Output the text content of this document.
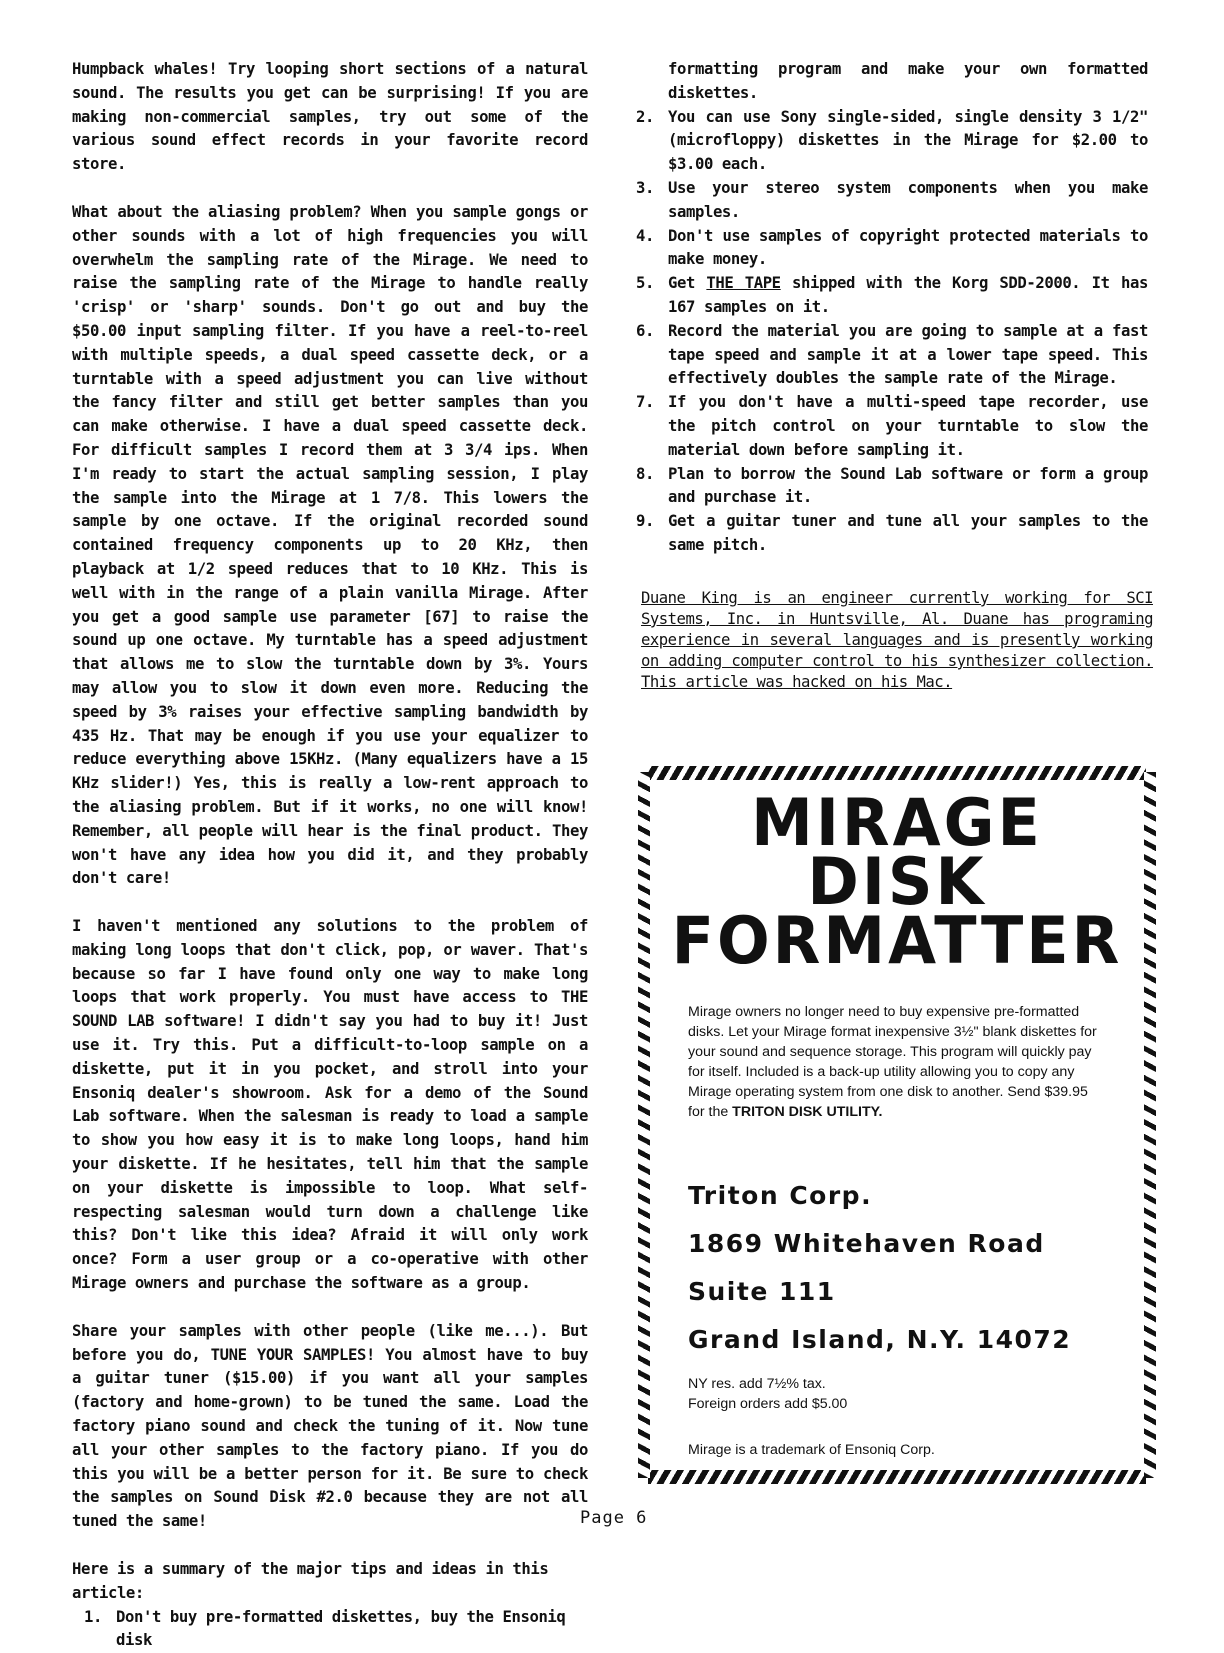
Humpback whales! Try looping short sections of a natural sound. The results you get can be surprising! If you are making non-commercial samples, try out some of the various sound effect records in your favorite record store.

What about the aliasing problem? When you sample gongs or other sounds with a lot of high frequencies you will overwhelm the sampling rate of the Mirage. We need to raise the sampling rate of the Mirage to handle really 'crisp' or 'sharp' sounds. Don't go out and buy the $50.00 input sampling filter. If you have a reel-to-reel with multiple speeds, a dual speed cassette deck, or a turntable with a speed adjustment you can live without the fancy filter and still get better samples than you can make otherwise. I have a dual speed cassette deck. For difficult samples I record them at 3 3/4 ips. When I'm ready to start the actual sampling session, I play the sample into the Mirage at 1 7/8. This lowers the sample by one octave. If the original recorded sound contained frequency components up to 20 KHz, then playback at 1/2 speed reduces that to 10 KHz. This is well with in the range of a plain vanilla Mirage. After you get a good sample use parameter [67] to raise the sound up one octave. My turntable has a speed adjustment that allows me to slow the turntable down by 3%. Yours may allow you to slow it down even more. Reducing the speed by 3% raises your effective sampling bandwidth by 435 Hz. That may be enough if you use your equalizer to reduce everything above 15KHz. (Many equalizers have a 15 KHz slider!) Yes, this is really a low-rent approach to the aliasing problem. But if it works, no one will know! Remember, all people will hear is the final product. They won't have any idea how you did it, and they probably don't care!

I haven't mentioned any solutions to the problem of making long loops that don't click, pop, or waver. That's because so far I have found only one way to make long loops that work properly. You must have access to THE SOUND LAB software! I didn't say you had to buy it! Just use it. Try this. Put a difficult-to-loop sample on a diskette, put it in you pocket, and stroll into your Ensoniq dealer's showroom. Ask for a demo of the Sound Lab software. When the salesman is ready to load a sample to show you how easy it is to make long loops, hand him your diskette. If he hesitates, tell him that the sample on your diskette is impossible to loop. What self-respecting salesman would turn down a challenge like this? Don't like this idea? Afraid it will only work once? Form a user group or a co-operative with other Mirage owners and purchase the software as a group.

Share your samples with other people (like me...). But before you do, TUNE YOUR SAMPLES! You almost have to buy a guitar tuner ($15.00) if you want all your samples (factory and home-grown) to be tuned the same. Load the factory piano sound and check the tuning of it. Now tune all your other samples to the factory piano. If you do this you will be a better person for it. Be sure to check the samples on Sound Disk #2.0 because they are not all tuned the same!

Here is a summary of the major tips and ideas in this article:
1. Don't buy pre-formatted diskettes, buy the Ensoniq disk
formatting program and make your own formatted diskettes.
2. You can use Sony single-sided, single density 3 1/2" (microfloppy) diskettes in the Mirage for $2.00 to $3.00 each.
3. Use your stereo system components when you make samples.
4. Don't use samples of copyright protected materials to make money.
5. Get THE TAPE shipped with the Korg SDD-2000. It has 167 samples on it.
6. Record the material you are going to sample at a fast tape speed and sample it at a lower tape speed. This effectively doubles the sample rate of the Mirage.
7. If you don't have a multi-speed tape recorder, use the pitch control on your turntable to slow the material down before sampling it.
8. Plan to borrow the Sound Lab software or form a group and purchase it.
9. Get a guitar tuner and tune all your samples to the same pitch.
Duane King is an engineer currently working for SCI Systems, Inc. in Huntsville, Al. Duane has programing experience in several languages and is presently working on adding computer control to his synthesizer collection. This article was hacked on his Mac.
MIRAGE
DISK
FORMATTER
Mirage owners no longer need to buy expensive pre-formatted disks. Let your Mirage format inexpensive 3½" blank diskettes for your sound and sequence storage. This program will quickly pay for itself. Included is a back-up utility allowing you to copy any Mirage operating system from one disk to another. Send $39.95 for the TRITON DISK UTILITY.
Triton Corp.
1869 Whitehaven Road
Suite 111
Grand Island, N.Y. 14072
NY res. add 7½% tax.
Foreign orders add $5.00
Mirage is a trademark of Ensoniq Corp.
Page 6
